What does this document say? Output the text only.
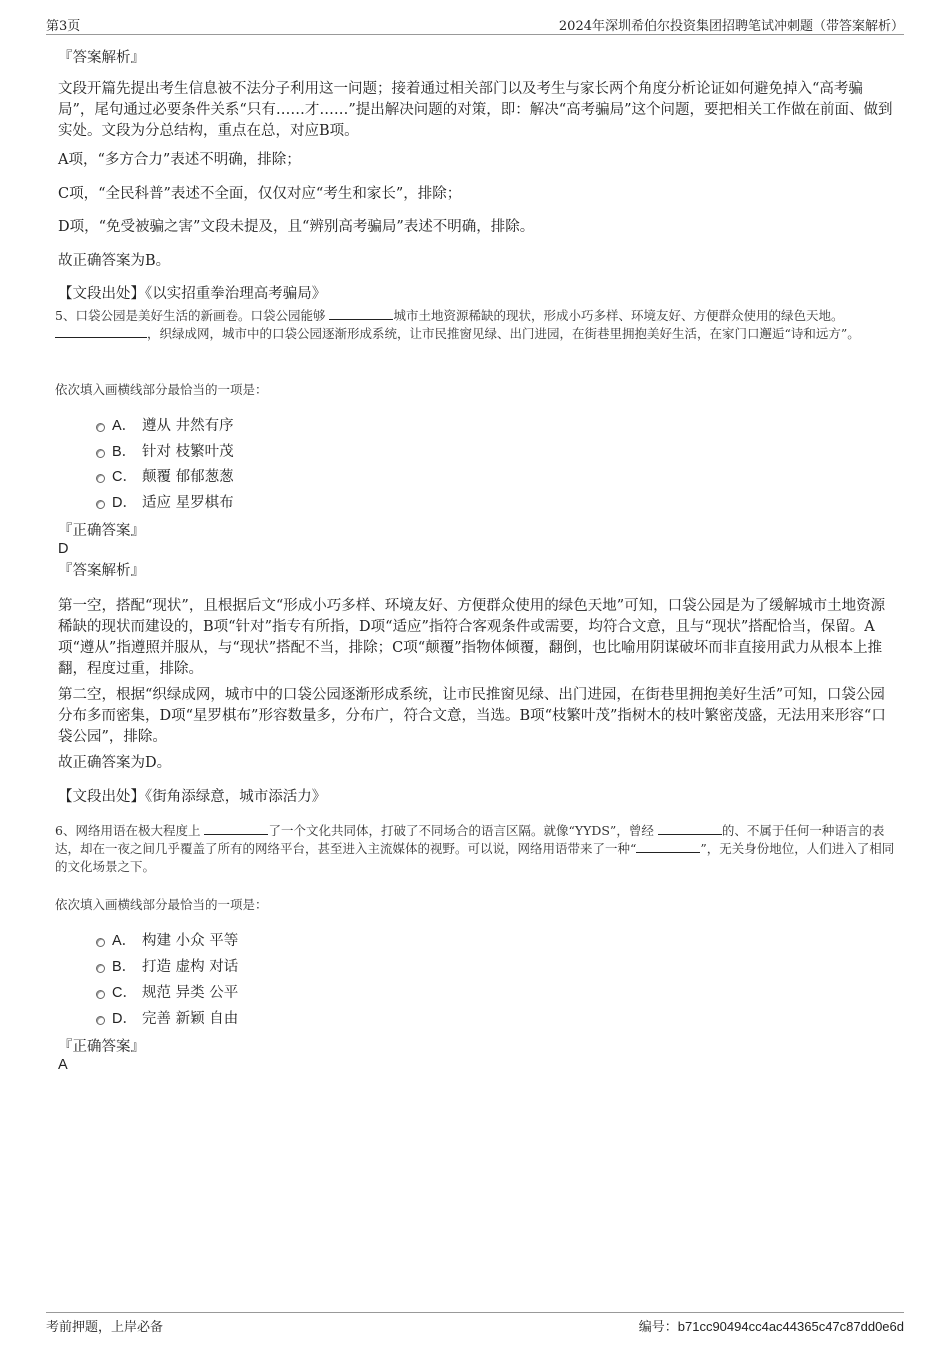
第3页	2024年深圳希伯尔投资集团招聘笔试冲刺题（带答案解析）

『答案解析』

文段开篇先提出考生信息被不法分子利用这一问题；接着通过相关部门以及考生与家长两个角度分析论证如何避免掉入“高考骗局”，尾句通过必要条件关系“只有……才……”提出解决问题的对策，即：解决“高考骗局”这个问题，要把相关工作做在前面、做到实处。文段为分总结构，重点在总，对应B项。

A项，“多方合力”表述不明确，排除；

C项，“全民科普”表述不全面，仅仅对应“考生和家长”，排除；

D项，“免受被骗之害”文段未提及，且“辨别高考骗局”表述不明确，排除。

故正确答案为B。

【文段出处】《以实招重拳治理高考骗局》

5、口袋公园是美好生活的新画卷。口袋公园能够	城市土地资源稀缺的现状，形成小巧多样、环境友好、方便群众使用的绿色天地。
，织绿成网，城市中的口袋公园逐渐形成系统，让市民推窗见绿、出门进园，在街巷里拥抱美好生活，在家门口邂逅“诗和远方”。

依次填入画横线部分最恰当的一项是：

A． 遵从 井然有序
B． 针对 枝繁叶茂
C． 颠覆 郁郁葱葱
D． 适应 星罗棋布

『正确答案』

D

『答案解析』

第一空，搭配“现状”，且根据后文“形成小巧多样、环境友好、方便群众使用的绿色天地”可知，口袋公园是为了缓解城市土地资源稀缺的现状而建设的，B项“针对”指专有所指，D项“适应”指符合客观条件或需要，均符合文意，且与“现状”搭配恰当，保留。A项“遵从”指遵照并服从，与“现状”搭配不当，排除；C项“颠覆”指物体倾覆，翻倒，也比喻用阴谋破坏而非直接用武力从根本上推翻，程度过重，排除。

第二空，根据“织绿成网，城市中的口袋公园逐渐形成系统，让市民推窗见绿、出门进园，在街巷里拥抱美好生活”可知，口袋公园分布多而密集，D项“星罗棋布”形容数量多，分布广，符合文意，当选。B项“枝繁叶茂”指树木的枝叶繁密茂盛，无法用来形容“口袋公园”，排除。

故正确答案为D。

【文段出处】《街角添绿意，城市添活力》

6、网络用语在极大程度上	了一个文化共同体，打破了不同场合的语言区隔。就像“YYDS”，曾经	的、不属于任何一种语言的表达，却在一夜之间几乎覆盖了所有的网络平台，甚至进入主流媒体的视野。可以说，网络用语带来了一种“	”，无关身份地位，人们进入了相同的文化场景之下。

依次填入画横线部分最恰当的一项是：

A． 构建 小众 平等
B． 打造 虚构 对话
C． 规范 异类 公平
D． 完善 新颖 自由

『正确答案』

A
考前押题，上岸必备	编号：b71cc90494cc4ac44365c47c87dd0e6d
